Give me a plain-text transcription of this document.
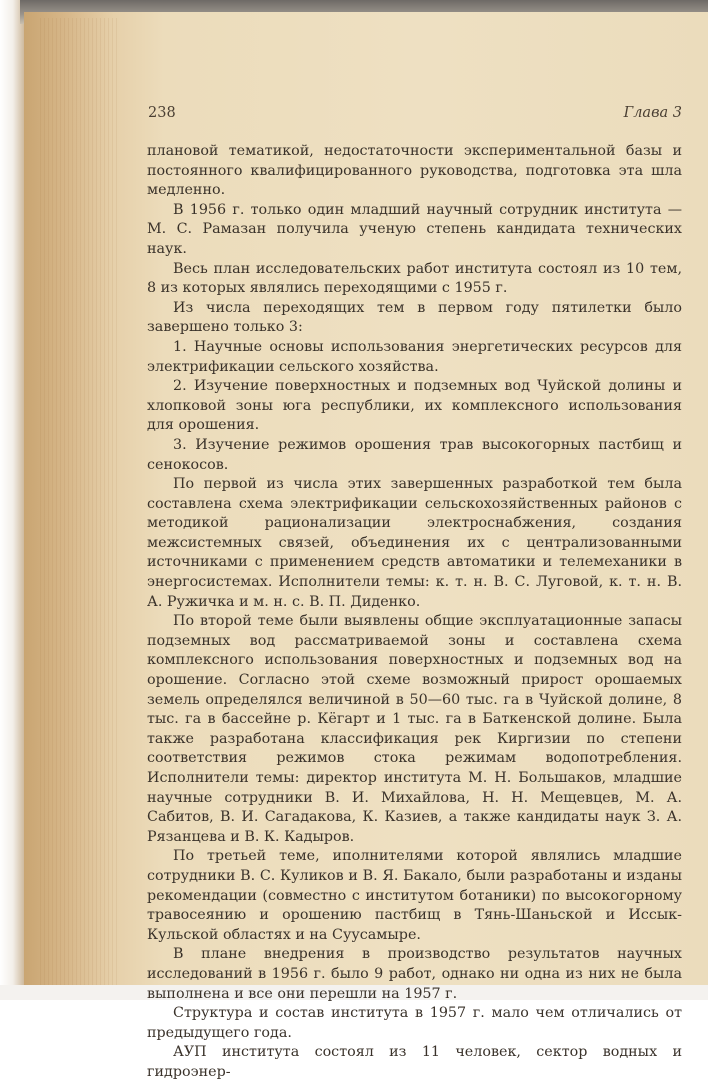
238	Глава 3

плановой тематикой, недостаточности экспериментальной базы и постоянного квалифицированного руководства, подготовка эта шла медленно.

В 1956 г. только один младший научный сотрудник института — М. С. Рамазан получила ученую степень кандидата технических наук.

Весь план исследовательских работ института состоял из 10 тем, 8 из которых являлись переходящими с 1955 г.

Из числа переходящих тем в первом году пятилетки было завершено только 3:

1. Научные основы использования энергетических ресурсов для электрификации сельского хозяйства.

2. Изучение поверхностных и подземных вод Чуйской долины и хлопковой зоны юга республики, их комплексного использования для орошения.

3. Изучение режимов орошения трав высокогорных пастбищ и сенокосов.

По первой из числа этих завершенных разработкой тем была составлена схема электрификации сельскохозяйственных районов с методикой рационализации электроснабжения, создания межсистемных связей, объединения их с централизованными источниками с применением средств автоматики и телемеханики в энергосистемах. Исполнители темы: к. т. н. В. С. Луговой, к. т. н. В. А. Ружичка и м. н. с. В. П. Диденко.

По второй теме были выявлены общие эксплуатационные запасы подземных вод рассматриваемой зоны и составлена схема комплексного использования поверхностных и подземных вод на орошение. Согласно этой схеме возможный прирост орошаемых земель определялся величиной в 50—60 тыс. га в Чуйской долине, 8 тыс. га в бассейне р. Кёгарт и 1 тыс. га в Баткенской долине. Была также разработана классификация рек Киргизии по степени соответствия режимов стока режимам водопотребления. Исполнители темы: директор института М. Н. Большаков, младшие научные сотрудники В. И. Михайлова, Н. Н. Мещевцев, М. А. Сабитов, В. И. Сагадакова, К. Казиев, а также кандидаты наук З. А. Рязанцева и В. К. Кадыров.

По третьей теме, иполнителями которой являлись младшие сотрудники В. С. Куликов и В. Я. Бакало, были разработаны и изданы рекомендации (совместно с институтом ботаники) по высокогорному травосеянию и орошению пастбищ в Тянь-Шаньской и Иссык-Кульской областях и на Суусамыре.

В плане внедрения в производство результатов научных исследований в 1956 г. было 9 работ, однако ни одна из них не была выполнена и все они перешли на 1957 г.

Структура и состав института в 1957 г. мало чем отличались от предыдущего года.

АУП института состоял из 11 человек, сектор водных и гидроэнер-
